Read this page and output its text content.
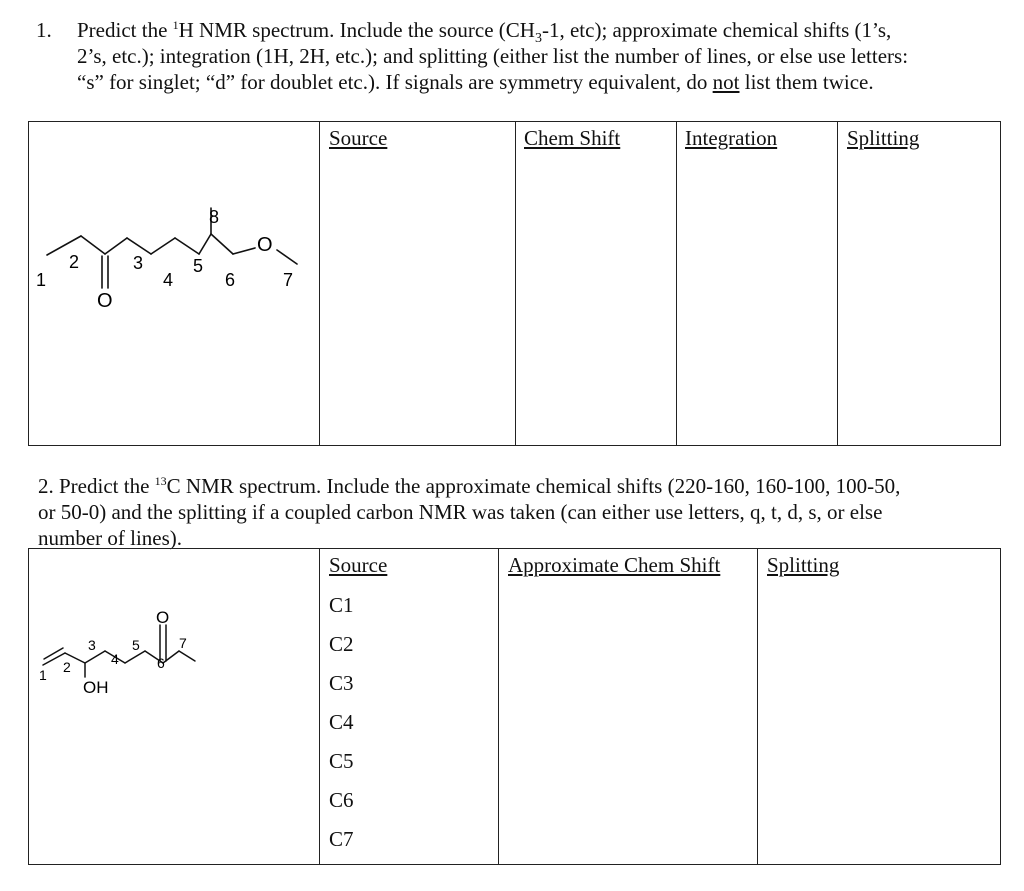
1. Predict the $^1$H NMR spectrum. Include the source ($CH_3-1$, etc); approximate chemical shifts (1’s,
2’s, etc.); integration (1H, 2H, etc.); and splitting (either list the number of lines, or else use letters:
“s” for singlet; “d” for doublet etc.). If signals are symmetry equivalent, do not list them twice.
Source	Chem Shift	Integration	Splitting
O
O
1
2	3
4
5
6	7
8
2. Predict the $^{13}$C NMR spectrum. Include the approximate chemical shifts (220-160, 160-100, 100-50,
or 50-0) and the splitting if a coupled carbon NMR was taken (can either use letters, q, t, d, s, or else
number of lines).
Source	Approximate Chem Shift Splitting
C1
C2
C3
C4
C5
C6
C7
O
OH
1 2
3
4
5
6
7
